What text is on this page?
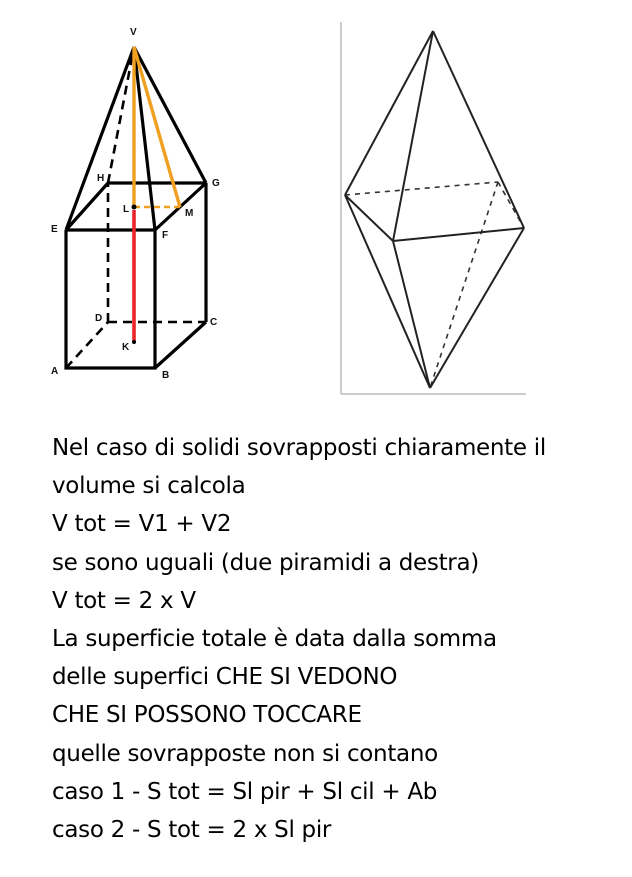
V
H	G
E
L	M
F
D	C
K
A	B
Nel caso di solidi sovrapposti chiaramente il
volume si calcola
V tot = V1 + V2
se sono uguali (due piramidi a destra)
V tot = 2 x V
La superficie totale è data dalla somma
delle superfici CHE SI VEDONO
CHE SI POSSONO TOCCARE
quelle sovrapposte non si contano
caso 1 - S tot = Sl pir + Sl cil + Ab
caso 2 - S tot = 2 x Sl pir
